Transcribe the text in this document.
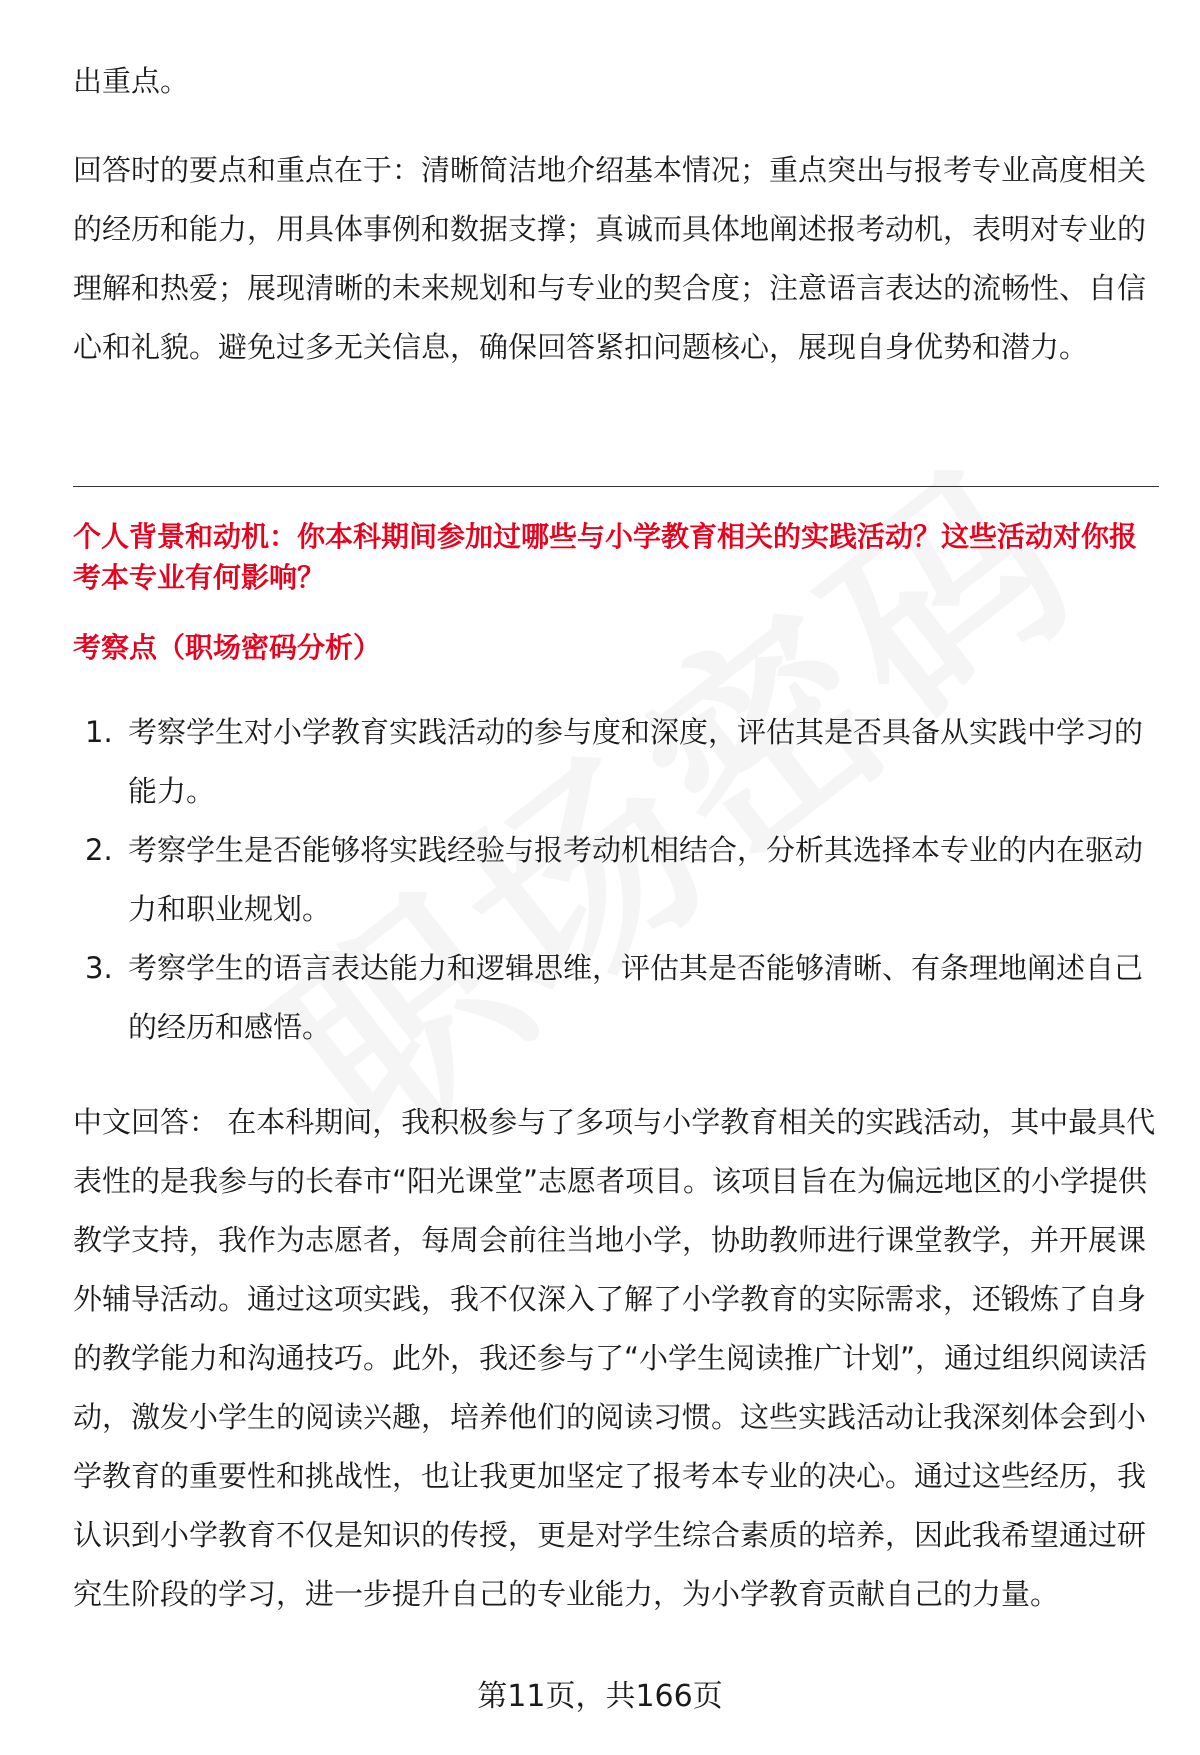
出重点。

回答时的要点和重点在于：清晰简洁地介绍基本情况；重点突出与报考专业高度相关的经历和能力，用具体事例和数据支撑；真诚而具体地阐述报考动机，表明对专业的理解和热爱；展现清晰的未来规划和与专业的契合度；注意语言表达的流畅性、自信心和礼貌。避免过多无关信息，确保回答紧扣问题核心，展现自身优势和潜力。

个人背景和动机：你本科期间参加过哪些与小学教育相关的实践活动？这些活动对你报考本专业有何影响？

考察点（职场密码分析）

1. 考察学生对小学教育实践活动的参与度和深度，评估其是否具备从实践中学习的能力。
2. 考察学生是否能够将实践经验与报考动机相结合，分析其选择本专业的内在驱动力和职业规划。
3. 考察学生的语言表达能力和逻辑思维，评估其是否能够清晰、有条理地阐述自己的经历和感悟。

中文回答： 在本科期间，我积极参与了多项与小学教育相关的实践活动，其中最具代表性的是我参与的长春市“阳光课堂”志愿者项目。该项目旨在为偏远地区的小学提供教学支持，我作为志愿者，每周会前往当地小学，协助教师进行课堂教学，并开展课外辅导活动。通过这项实践，我不仅深入了解了小学教育的实际需求，还锻炼了自身的教学能力和沟通技巧。此外，我还参与了“小学生阅读推广计划”，通过组织阅读活动，激发小学生的阅读兴趣，培养他们的阅读习惯。这些实践活动让我深刻体会到小学教育的重要性和挑战性，也让我更加坚定了报考本专业的决心。通过这些经历，我认识到小学教育不仅是知识的传授，更是对学生综合素质的培养，因此我希望通过研究生阶段的学习，进一步提升自己的专业能力，为小学教育贡献自己的力量。

第11页，共166页
